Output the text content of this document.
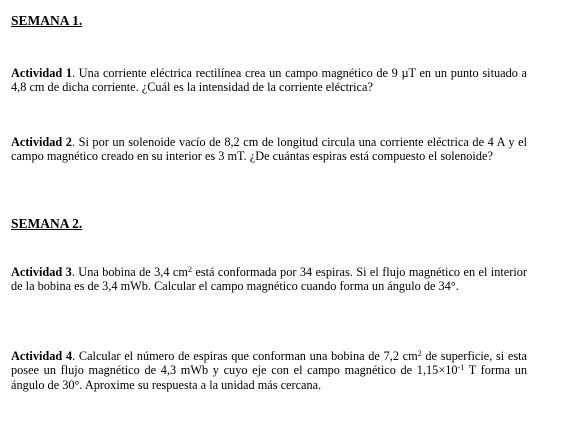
SEMANA 1.

Actividad 1. Una corriente eléctrica rectilínea crea un campo magnético de 9 µT en un punto situado a 4,8 cm de dicha corriente. ¿Cuál es la intensidad de la corriente eléctrica?

Actividad 2. Si por un solenoide vacío de 8,2 cm de longitud circula una corriente eléctrica de 4 A y el campo magnético creado en su interior es 3 mT. ¿De cuántas espiras está compuesto el solenoide?

SEMANA 2.

Actividad 3. Una bobina de 3,4 $cm^2$ está conformada por 34 espiras. Si el flujo magnético en el interior de la bobina es de 3,4 mWb. Calcular el campo magnético cuando forma un ángulo de 34°.

Actividad 4. Calcular el número de espiras que conforman una bobina de 7,2 $cm^2$ de superficie, si esta posee un flujo magnético de 4,3 mWb y cuyo eje con el campo magnético de $1,15\times 10^{-1}$ T forma un ángulo de 30°. Aproxime su respuesta a la unidad más cercana.
